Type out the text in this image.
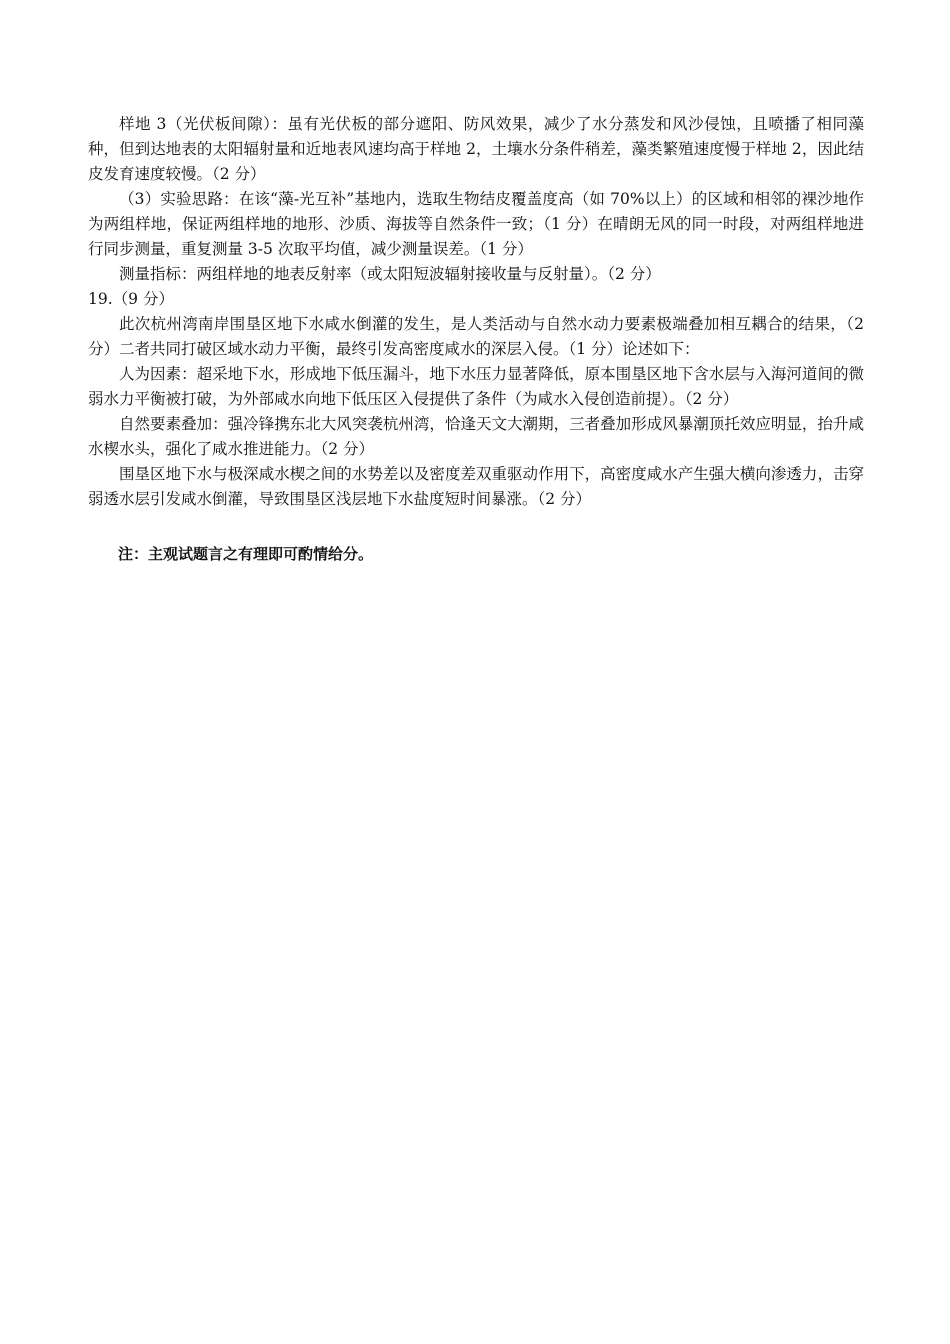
样地 3（光伏板间隙）：虽有光伏板的部分遮阳、防风效果，减少了水分蒸发和风沙侵蚀，且喷播了相同藻种，但到达地表的太阳辐射量和近地表风速均高于样地 2，土壤水分条件稍差，藻类繁殖速度慢于样地 2，因此结皮发育速度较慢。（2 分）

（3）实验思路：在该“藻-光互补”基地内，选取生物结皮覆盖度高（如 70%以上）的区域和相邻的裸沙地作为两组样地，保证两组样地的地形、沙质、海拔等自然条件一致；（1 分）在晴朗无风的同一时段，对两组样地进行同步测量，重复测量 3-5 次取平均值，减少测量误差。（1 分）

测量指标：两组样地的地表反射率（或太阳短波辐射接收量与反射量）。（2 分）

19.（9 分）

此次杭州湾南岸围垦区地下水咸水倒灌的发生，是人类活动与自然水动力要素极端叠加相互耦合的结果，（2 分）二者共同打破区域水动力平衡，最终引发高密度咸水的深层入侵。（1 分）论述如下：

人为因素：超采地下水，形成地下低压漏斗，地下水压力显著降低，原本围垦区地下含水层与入海河道间的微弱水力平衡被打破，为外部咸水向地下低压区入侵提供了条件（为咸水入侵创造前提）。（2 分）

自然要素叠加：强冷锋携东北大风突袭杭州湾，恰逢天文大潮期，三者叠加形成风暴潮顶托效应明显，抬升咸水楔水头，强化了咸水推进能力。（2 分）

围垦区地下水与极深咸水楔之间的水势差以及密度差双重驱动作用下，高密度咸水产生强大横向渗透力，击穿弱透水层引发咸水倒灌，导致围垦区浅层地下水盐度短时间暴涨。（2 分）

注：主观试题言之有理即可酌情给分。
